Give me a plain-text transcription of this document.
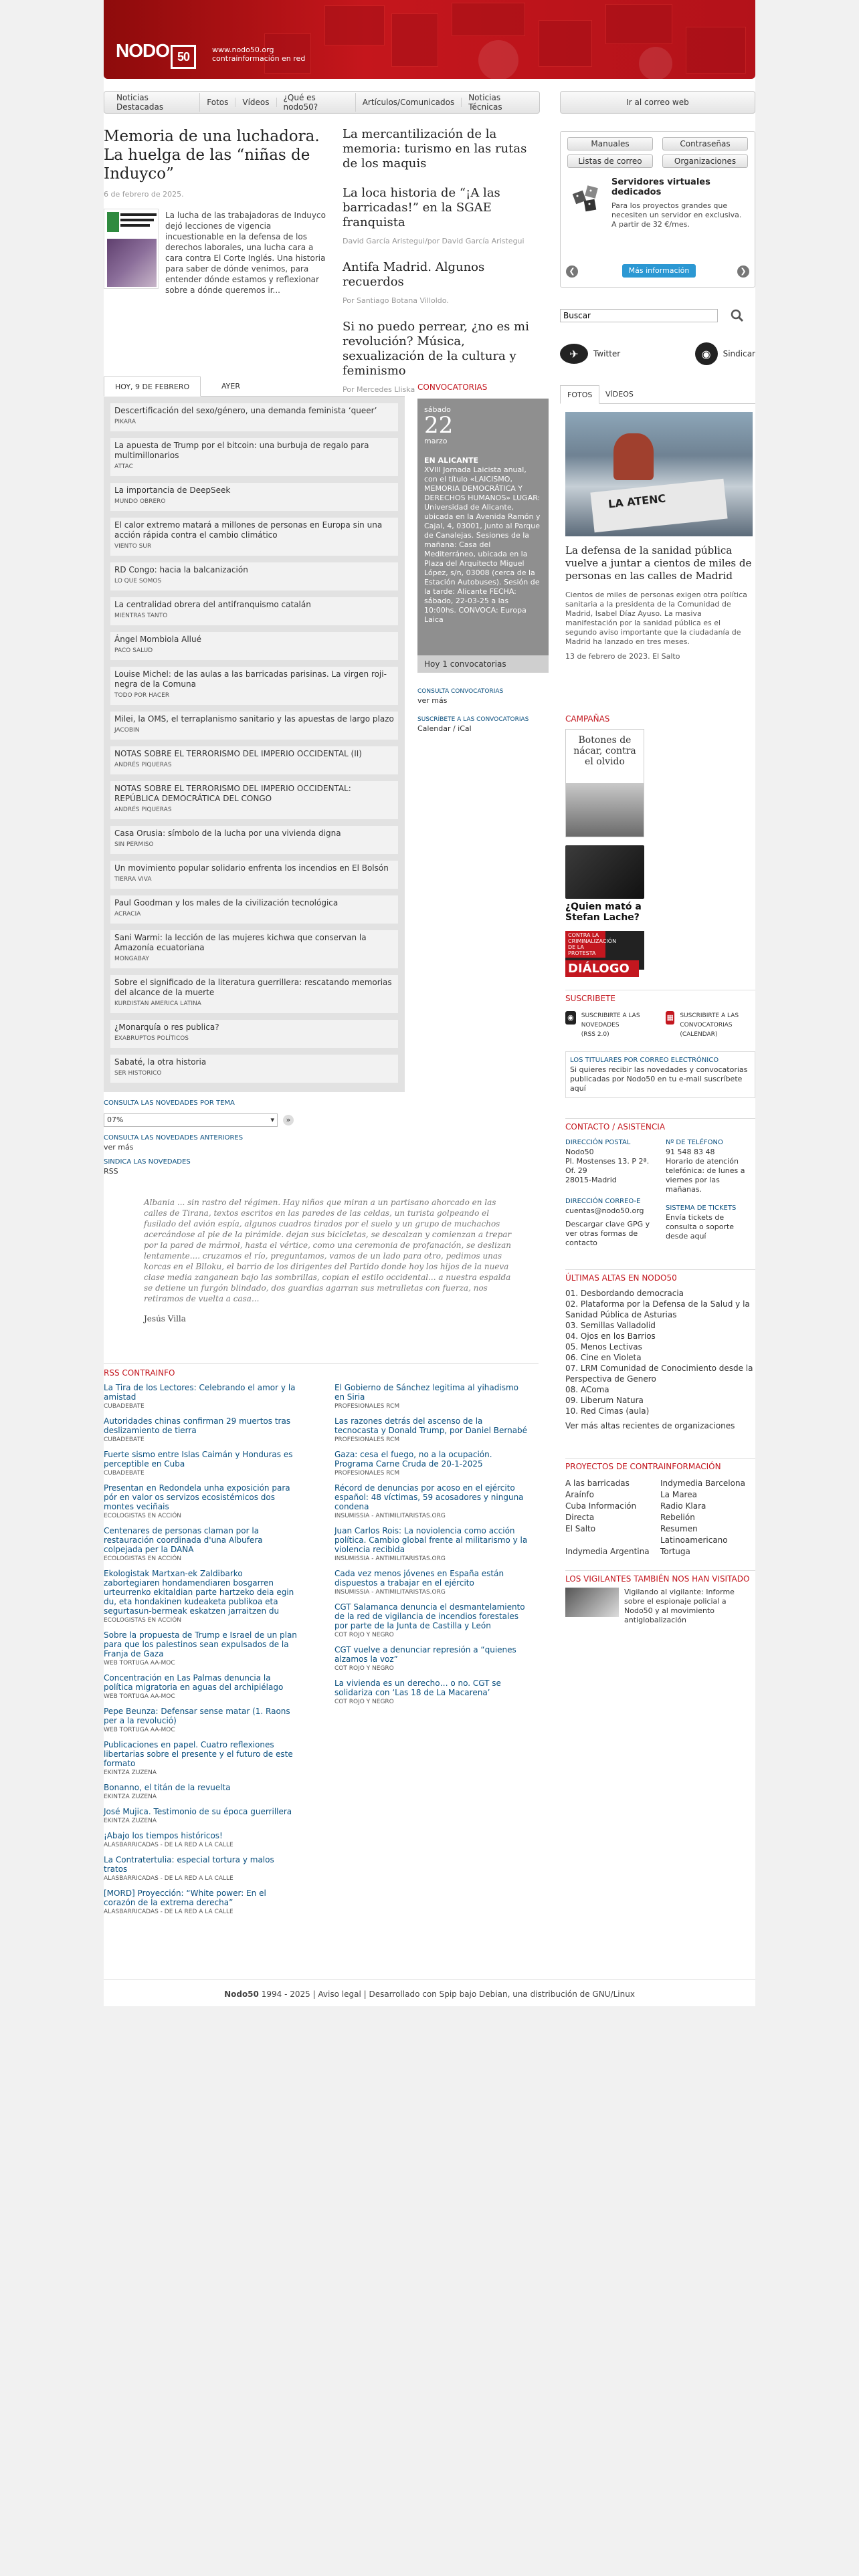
NODO 50
www.nodo50.org
contrainformación en red
Noticias Destacadas	Fotos	Vídeos	¿Qué es nodo50?	Artículos/Comunicados	Noticias Técnicas	Ir al correo web
Memoria de una luchadora. La huelga de las “niñas de Induyco”
6 de febrero de 2025.
La lucha de las trabajadoras de Induyco dejó lecciones de vigencia incuestionable en la defensa de los derechos laborales, una lucha cara a cara contra El Corte Inglés. Una historia para saber de dónde venimos, para entender dónde estamos y reflexionar sobre a dónde queremos ir...
La mercantilización de la memoria: turismo en las rutas de los maquis
La loca historia de “¡A las barricadas!” en la SGAE franquista
David García Aristegui/por David García Aristegui
Antifa Madrid. Algunos recuerdos
Por Santiago Botana Villoldo.
Si no puedo perrear, ¿no es mi revolución? Música, sexualización de la cultura y feminismo
Por Mercedes Lliska
Manuales	Contraseñas
Listas de correo	Organizaciones
Servidores virtuales dedicados
Para los proyectos grandes que necesiten un servidor en exclusiva. A partir de 32 €/mes.
❮	Más información	❯
Buscar
✈	Twitter	◉	Sindicar
HOY, 9 DE FEBRERO	AYER
Descertificación del sexo/género, una demanda feminista ‘queer’
PIKARA
La apuesta de Trump por el bitcoin: una burbuja de regalo para multimillonarios
ATTAC
La importancia de DeepSeek
MUNDO OBRERO
El calor extremo matará a millones de personas en Europa sin una acción rápida contra el cambio climático
VIENTO SUR
RD Congo: hacia la balcanización
LO QUE SOMOS
La centralidad obrera del antifranquismo catalán
MIENTRAS TANTO
Ángel Mombiola Allué
PACO SALUD
Louise Michel: de las aulas a las barricadas parisinas. La virgen roji-negra de la Comuna
TODO POR HACER
Milei, la OMS, el terraplanismo sanitario y las apuestas de largo plazo
JACOBIN
NOTAS SOBRE EL TERRORISMO DEL IMPERIO OCCIDENTAL (II)
ANDRÉS PIQUERAS
NOTAS SOBRE EL TERRORISMO DEL IMPERIO OCCIDENTAL: REPÚBLICA DEMOCRÁTICA DEL CONGO
ANDRÉS PIQUERAS
Casa Orusia: símbolo de la lucha por una vivienda digna
SIN PERMISO
Un movimiento popular solidario enfrenta los incendios en El Bolsón
TIERRA VIVA
Paul Goodman y los males de la civilización tecnológica
ACRACIA
Sani Warmi: la lección de las mujeres kichwa que conservan la Amazonía ecuatoriana
MONGABAY
Sobre el significado de la literatura guerrillera: rescatando memorias del alcance de la muerte
KURDISTAN AMERICA LATINA
¿Monarquía o res publica?
EXABRUPTOS POLÍTICOS
Sabaté, la otra historia
SER HISTORICO
CONSULTA LAS NOVEDADES POR TEMA
07%	▾	»
CONSULTA LAS NOVEDADES ANTERIORES
ver más
SINDICA LAS NOVEDADES
RSS
CONVOCATORIAS
sábado
22
marzo
EN ALICANTE
XVIII Jornada Laicista anual, con el título «LAICISMO, MEMORIA DEMOCRÁTICA Y DERECHOS HUMANOS» LUGAR: Universidad de Alicante, ubicada en la Avenida Ramón y Cajal, 4, 03001, junto al Parque de Canalejas. Sesiones de la mañana: Casa del Mediterráneo, ubicada en la Plaza del Arquitecto Miguel López, s/n, 03008 (cerca de la Estación Autobuses). Sesión de la tarde: Alicante FECHA: sábado, 22-03-25 a las 10:00hs. CONVOCA: Europa Laica
Hoy 1 convocatorias

CONSULTA CONVOCATORIAS
ver más

SUSCRÍBETE A LAS CONVOCATORIAS
Calendar / iCal

FOTOS	VÍDEOS
LA ATENC
La defensa de la sanidad pública vuelve a juntar a cientos de miles de personas en las calles de Madrid

Cientos de miles de personas exigen otra política sanitaria a la presidenta de la Comunidad de Madrid, Isabel Díaz Ayuso. La masiva manifestación por la sanidad pública es el segundo aviso importante que la ciudadanía de Madrid ha lanzado en tres meses.

13 de febrero de 2023. El Salto

CAMPAÑAS
Botones de nácar, contra el olvido
¿Quien mató a Stefan Lache?
CONTRA LA CRIMINALIZACIÓN DE LA PROTESTA
DIÁLOGO
SUSCRIBETE
◉	SUSCRIBIRTE A LAS NOVEDADES
(RSS 2.0)
▦ SUSCRIBIRTE A LAS CONVOCATORIAS
(CALENDAR)
LOS TITULARES POR CORREO ELECTRÓNICO
Si quieres recibir las novedades y convocatorias publicadas por Nodo50 en tu e-mail suscríbete aquí
CONTACTO / ASISTENCIA
DIRECCIÓN POSTAL
Nodo50
Pl. Mostenses 13. P 2ª. Of. 29
28015-Madrid
Nº DE TELÉFONO
91 548 83 48
Horario de atención telefónica: de lunes a viernes por las mañanas.
DIRECCIÓN CORREO-E
cuentas@nodo50.org
Descargar clave GPG y ver otras formas de contacto
SISTEMA DE TICKETS
Envía tickets de consulta o soporte desde aquí
ÚLTIMAS ALTAS EN NODO50
01. Desbordando democracia
02. Plataforma por la Defensa de la Salud y la Sanidad Pública de Asturias
03. Semillas Valladolid
04. Ojos en los Barrios
05. Menos Lectivas
06. Cine en Violeta
07. LRM Comunidad de Conocimiento desde la Perspectiva de Genero
08. AComa
09. Liberum Natura
10. Red Cimas (aula)
Ver más altas recientes de organizaciones
PROYECTOS DE CONTRAINFORMACIÓN
A las barricadas	Indymedia Barcelona
Araínfo	La Marea
Cuba Información	Radio Klara
Directa	Rebelión
El Salto	Resumen Latinoamericano
Indymedia Argentina	Tortuga
LOS VIGILANTES TAMBIÉN NOS HAN VISITADO
Vigilando al vigilante: Informe sobre el espionaje policial a Nodo50 y al movimiento antiglobalización
Albania ... sin rastro del régimen. Hay niños que miran a un partisano ahorcado en las calles de Tirana, textos escritos en las paredes de las celdas, un turista golpeando el fusilado del avión espía, algunos cuadros tirados por el suelo y un grupo de muchachos acercándose al pie de la pirámide. dejan sus bicicletas, se descalzan y comienzan a trepar por la pared de mármol, hasta el vértice, como una ceremonia de profanación, se deslizan lentamente.... cruzamos el río, preguntamos, vamos de un lado para otro, pedimos unas korcas en el Blloku, el barrio de los dirigentes del Partido donde hoy los hijos de la nueva clase media zanganean bajo las sombrillas, copian el estilo occidental... a nuestra espalda se detiene un furgón blindado, dos guardias agarran sus metralletas con fuerza, nos retiramos de vuelta a casa...
Jesús Villa
RSS CONTRAINFO
La Tira de los Lectores: Celebrando el amor y la amistad
CUBADEBATE
Autoridades chinas confirman 29 muertos tras deslizamiento de tierra
CUBADEBATE
Fuerte sismo entre Islas Caimán y Honduras es perceptible en Cuba
CUBADEBATE
Presentan en Redondela unha exposición para pór en valor os servizos ecosistémicos dos montes veciñais
ECOLOGISTAS EN ACCIÓN
Centenares de personas claman por la restauración coordinada d'una Albufera colpejada per la DANA
ECOLOGISTAS EN ACCIÓN
Ekologistak Martxan-ek Zaldibarko zabortegiaren hondamendiaren bosgarren urteurrenko ekitaldian parte hartzeko deia egin du, eta hondakinen kudeaketa publikoa eta segurtasun-bermeak eskatzen jarraitzen du
ECOLOGISTAS EN ACCIÓN
Sobre la propuesta de Trump e Israel de un plan para que los palestinos sean expulsados de la Franja de Gaza
WEB TORTUGA AA-MOC
Concentración en Las Palmas denuncia la política migratoria en aguas del archipiélago
WEB TORTUGA AA-MOC
Pepe Beunza: Defensar sense matar (1. Raons per a la revolució)
WEB TORTUGA AA-MOC
Publicaciones en papel. Cuatro reflexiones libertarias sobre el presente y el futuro de este formato
EKINTZA ZUZENA
Bonanno, el titán de la revuelta
EKINTZA ZUZENA
José Mujica. Testimonio de su época guerrillera
EKINTZA ZUZENA
¡Abajo los tiempos históricos!
ALASBARRICADAS - DE LA RED A LA CALLE
La Contratertulia: especial tortura y malos tratos
ALASBARRICADAS - DE LA RED A LA CALLE
[MORD] Proyección: “White power: En el corazón de la extrema derecha”
ALASBARRICADAS - DE LA RED A LA CALLE
El Gobierno de Sánchez legitima al yihadismo en Siria
PROFESIONALES RCM
Las razones detrás del ascenso de la tecnocasta y Donald Trump, por Daniel Bernabé
PROFESIONALES RCM
Gaza: cesa el fuego, no a la ocupación. Programa Carne Cruda de 20-1-2025
PROFESIONALES RCM
Récord de denuncias por acoso en el ejército español: 48 víctimas, 59 acosadores y ninguna condena
INSUMISSIA - ANTIMILITARISTAS.ORG
Juan Carlos Rois: La noviolencia como acción política. Cambio global frente al militarismo y la violencia recibida
INSUMISSIA - ANTIMILITARISTAS.ORG
Cada vez menos jóvenes en España están dispuestos a trabajar en el ejército
INSUMISSIA - ANTIMILITARISTAS.ORG
CGT Salamanca denuncia el desmantelamiento de la red de vigilancia de incendios forestales por parte de la Junta de Castilla y León
COT ROJO Y NEGRO
CGT vuelve a denunciar represión a “quienes alzamos la voz”
COT ROJO Y NEGRO
La vivienda es un derecho… o no. CGT se solidariza con ‘Las 18 de La Macarena’
COT ROJO Y NEGRO
Nodo50 1994 - 2025 | Aviso legal | Desarrollado con Spip bajo Debian, una distribución de GNU/Linux
